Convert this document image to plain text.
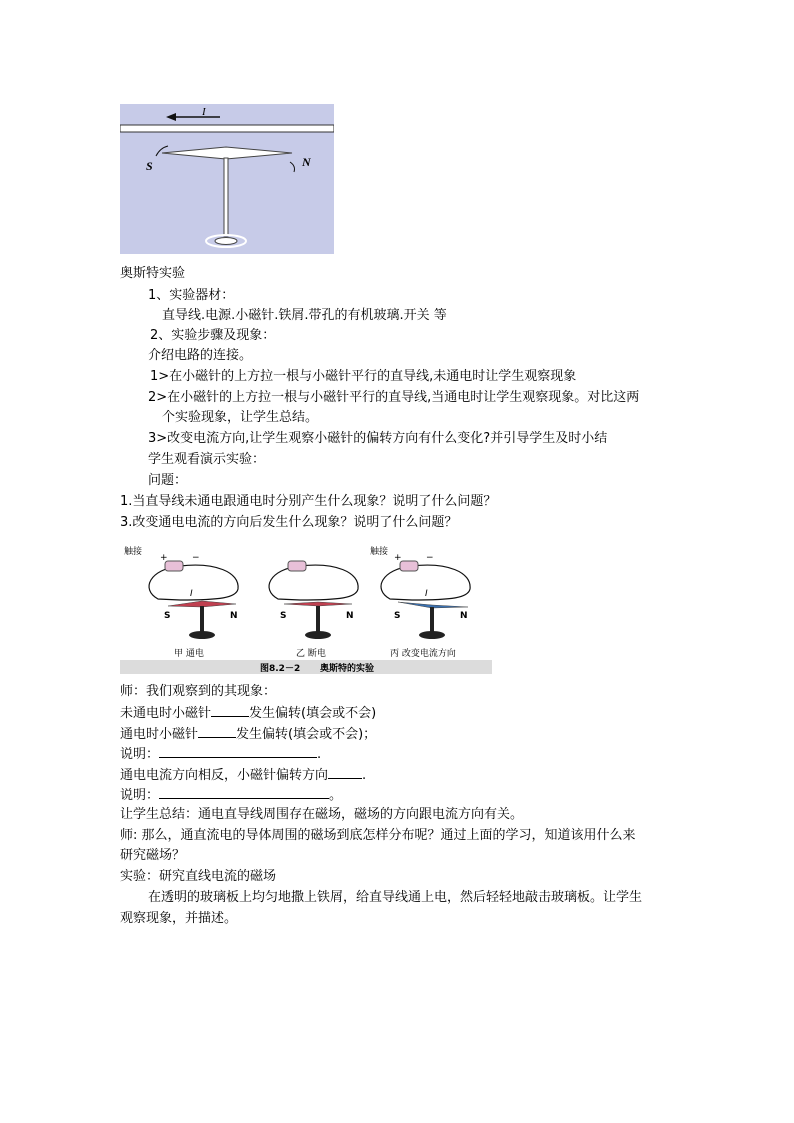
I
S	N
奥斯特实验
1、实验器材：
直导线.电源.小磁针.铁屑.带孔的有机玻璃.开关 等
2、实验步骤及现象：
介绍电路的连接。
1>在小磁针的上方拉一根与小磁针平行的直导线,未通电时让学生观察现象
2>在小磁针的上方拉一根与小磁针平行的直导线,当通电时让学生观察现象。对比这两
个实验现象，让学生总结。
3>改变电流方向,让学生观察小磁针的偏转方向有什么变化?并引导学生及时小结
学生观看演示实验：
问题：
1.当直导线未通电跟通电时分别产生什么现象？说明了什么问题？
3.改变通电电流的方向后发生什么现象？说明了什么问题？
触接
+	−
I
S	N
甲 通电
S	N
乙 断电
触接
+	−
I
S	N
丙 改变电流方向
图8.2－2 奥斯特的实验
师：我们观察到的其现象：
未通电时小磁针	发生偏转(填会或不会)
通电时小磁针	发生偏转(填会或不会)；
说明：	.
通电电流方向相反，小磁针偏转方向	.
说明：	。
让学生总结：通电直导线周围存在磁场，磁场的方向跟电流方向有关。
师: 那么，通直流电的导体周围的磁场到底怎样分布呢？通过上面的学习，知道该用什么来
研究磁场？
实验：研究直线电流的磁场
在透明的玻璃板上均匀地撒上铁屑，给直导线通上电，然后轻轻地敲击玻璃板。让学生
观察现象，并描述。
